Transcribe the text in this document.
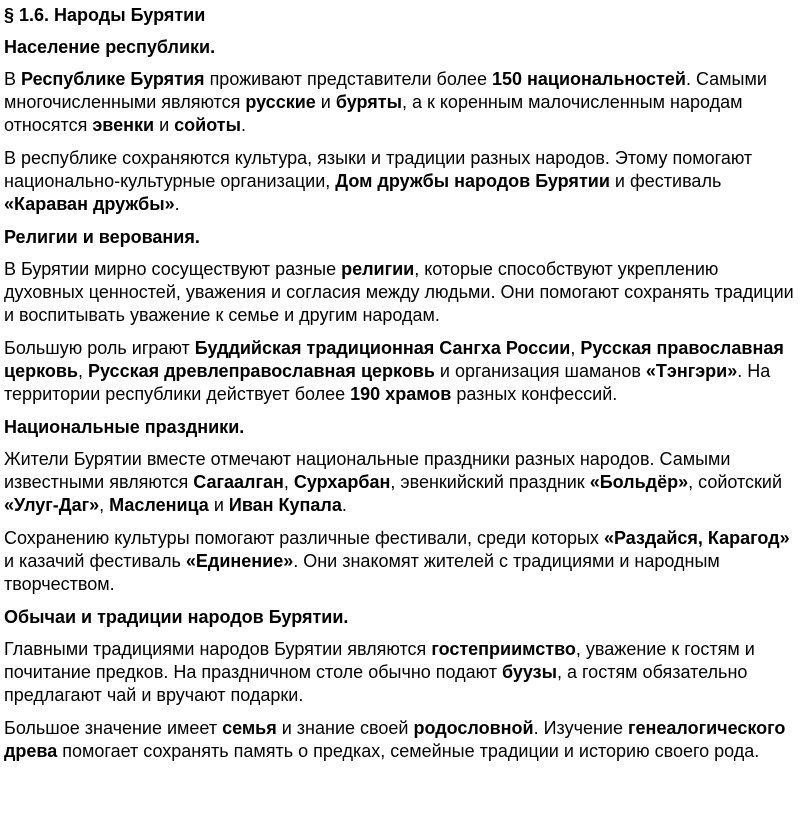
§ 1.6. Народы Бурятии
Население республики.
В Республике Бурятия проживают представители более 150 национальностей. Самыми многочисленными являются русские и буряты, а к коренным малочисленным народам относятся эвенки и сойоты.
В республике сохраняются культура, языки и традиции разных народов. Этому помогают национально-культурные организации, Дом дружбы народов Бурятии и фестиваль «Караван дружбы».
Религии и верования.
В Бурятии мирно сосуществуют разные религии, которые способствуют укреплению духовных ценностей, уважения и согласия между людьми. Они помогают сохранять традиции и воспитывать уважение к семье и другим народам.
Большую роль играют Буддийская традиционная Сангха России, Русская православная церковь, Русская древлеправославная церковь и организация шаманов «Тэнгэри». На территории республики действует более 190 храмов разных конфессий.
Национальные праздники.
Жители Бурятии вместе отмечают национальные праздники разных народов. Самыми известными являются Сагаалган, Сурхарбан, эвенкийский праздник «Больдёр», сойотский «Улуг-Даг», Масленица и Иван Купала.
Сохранению культуры помогают различные фестивали, среди которых «Раздайся, Карагод» и казачий фестиваль «Единение». Они знакомят жителей с традициями и народным творчеством.
Обычаи и традиции народов Бурятии.
Главными традициями народов Бурятии являются гостеприимство, уважение к гостям и почитание предков. На праздничном столе обычно подают буузы, а гостям обязательно предлагают чай и вручают подарки.
Большое значение имеет семья и знание своей родословной. Изучение генеалогического древа помогает сохранять память о предках, семейные традиции и историю своего рода.
